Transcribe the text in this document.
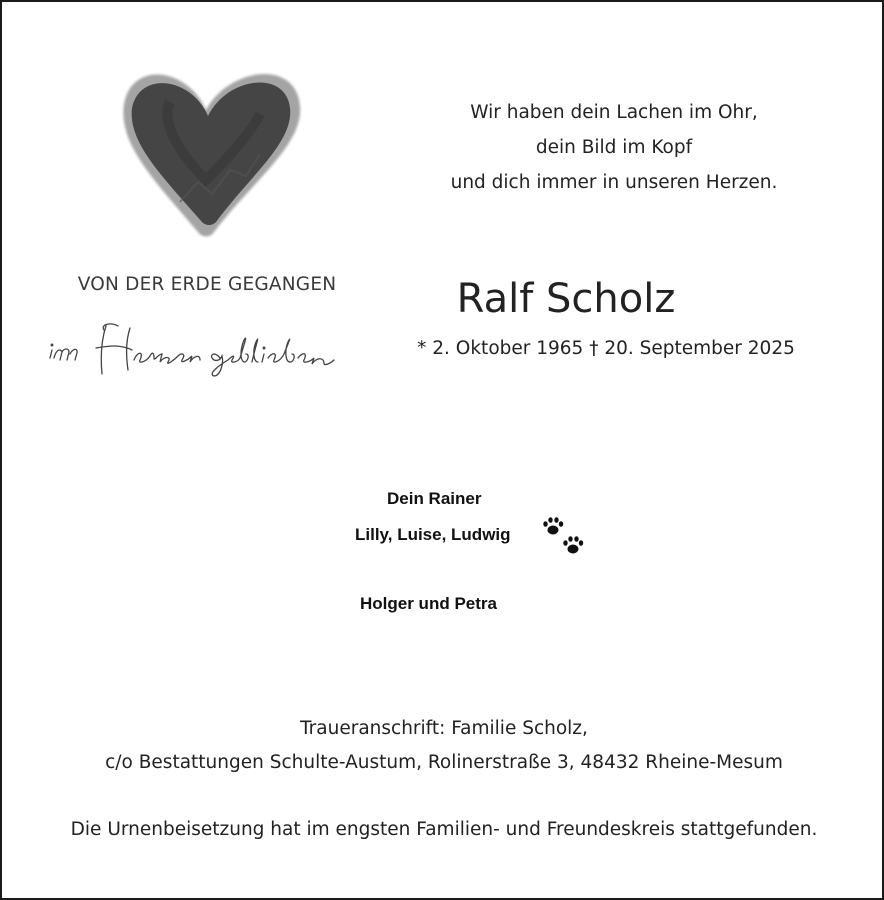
VON DER ERDE GEGANGEN
Wir haben dein Lachen im Ohr,
dein Bild im Kopf
und dich immer in unseren Herzen.
Ralf Scholz
* 2. Oktober 1965 † 20. September 2025
Dein Rainer
Lilly, Luise, Ludwig
Holger und Petra
Traueranschrift: Familie Scholz,
c/o Bestattungen Schulte-Austum, Rolinerstraße 3, 48432 Rheine-Mesum
Die Urnenbeisetzung hat im engsten Familien- und Freundeskreis stattgefunden.
